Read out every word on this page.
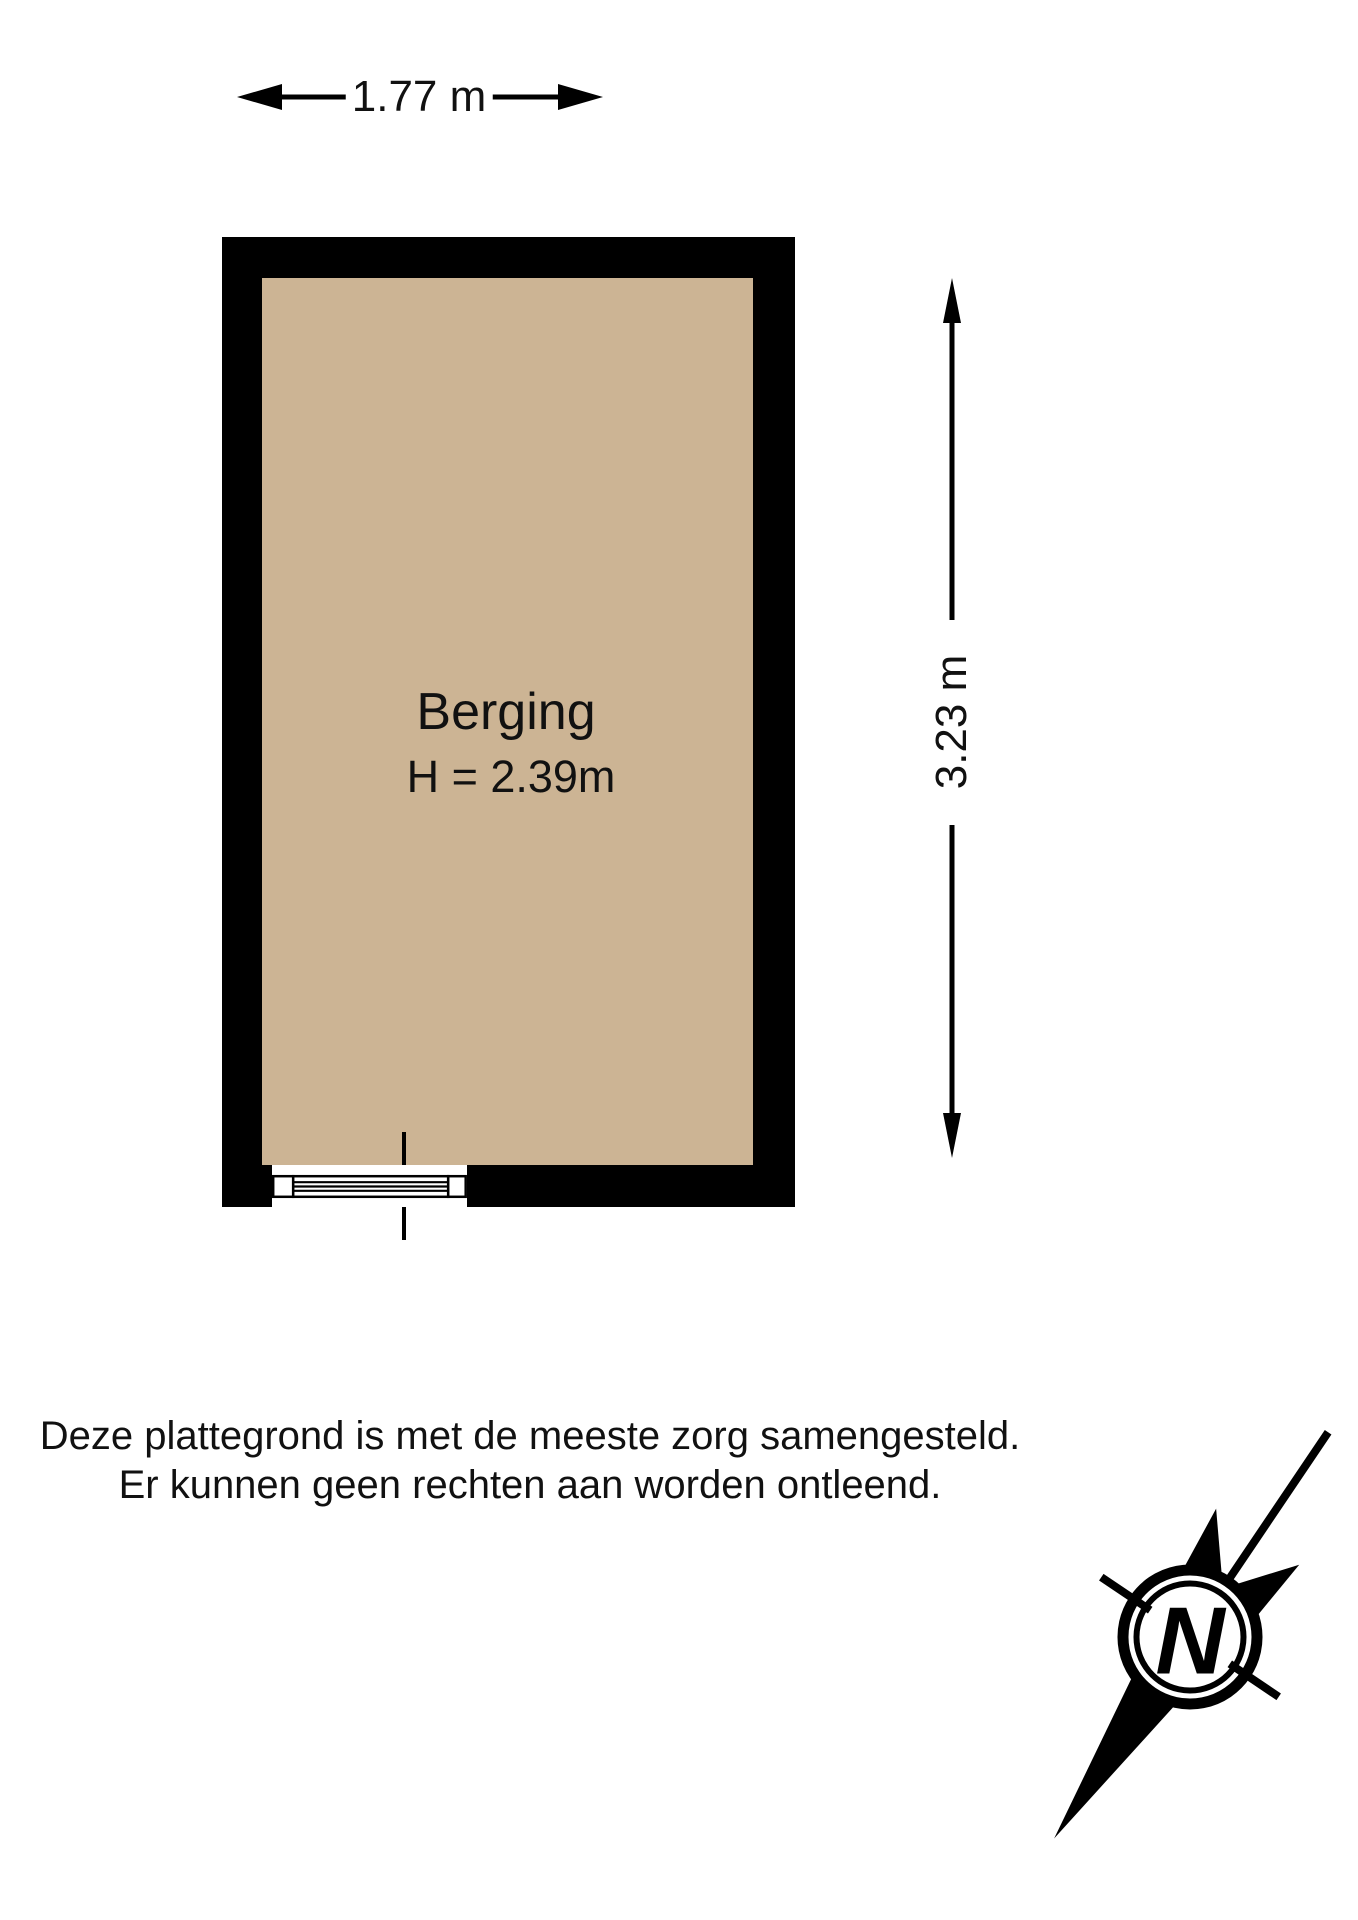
1.77 m
3.23 m
Berging
H = 2.39m
Deze plattegrond is met de meeste zorg samengesteld.
Er kunnen geen rechten aan worden ontleend.
N
